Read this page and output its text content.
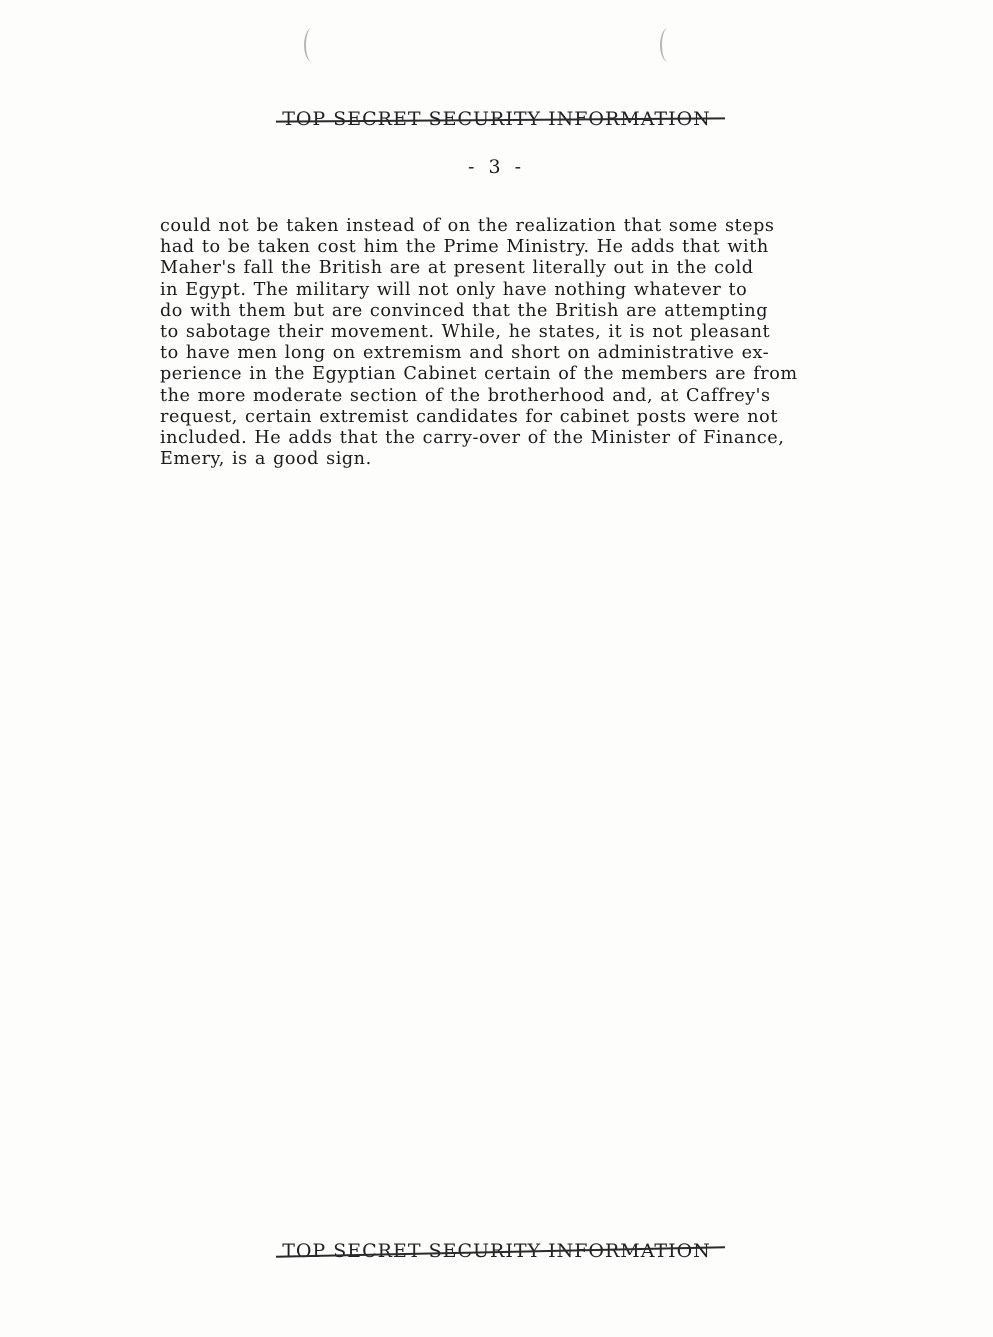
TOP SECRET SECURITY INFORMATION
- 3 -
could not be taken instead of on the realization that some steps
had to be taken cost him the Prime Ministry. He adds that with
Maher's fall the British are at present literally out in the cold
in Egypt. The military will not only have nothing whatever to
do with them but are convinced that the British are attempting
to sabotage their movement. While, he states, it is not pleasant
to have men long on extremism and short on administrative ex-
perience in the Egyptian Cabinet certain of the members are from
the more moderate section of the brotherhood and, at Caffrey's
request, certain extremist candidates for cabinet posts were not
included. He adds that the carry-over of the Minister of Finance,
Emery, is a good sign.
TOP SECRET SECURITY INFORMATION
